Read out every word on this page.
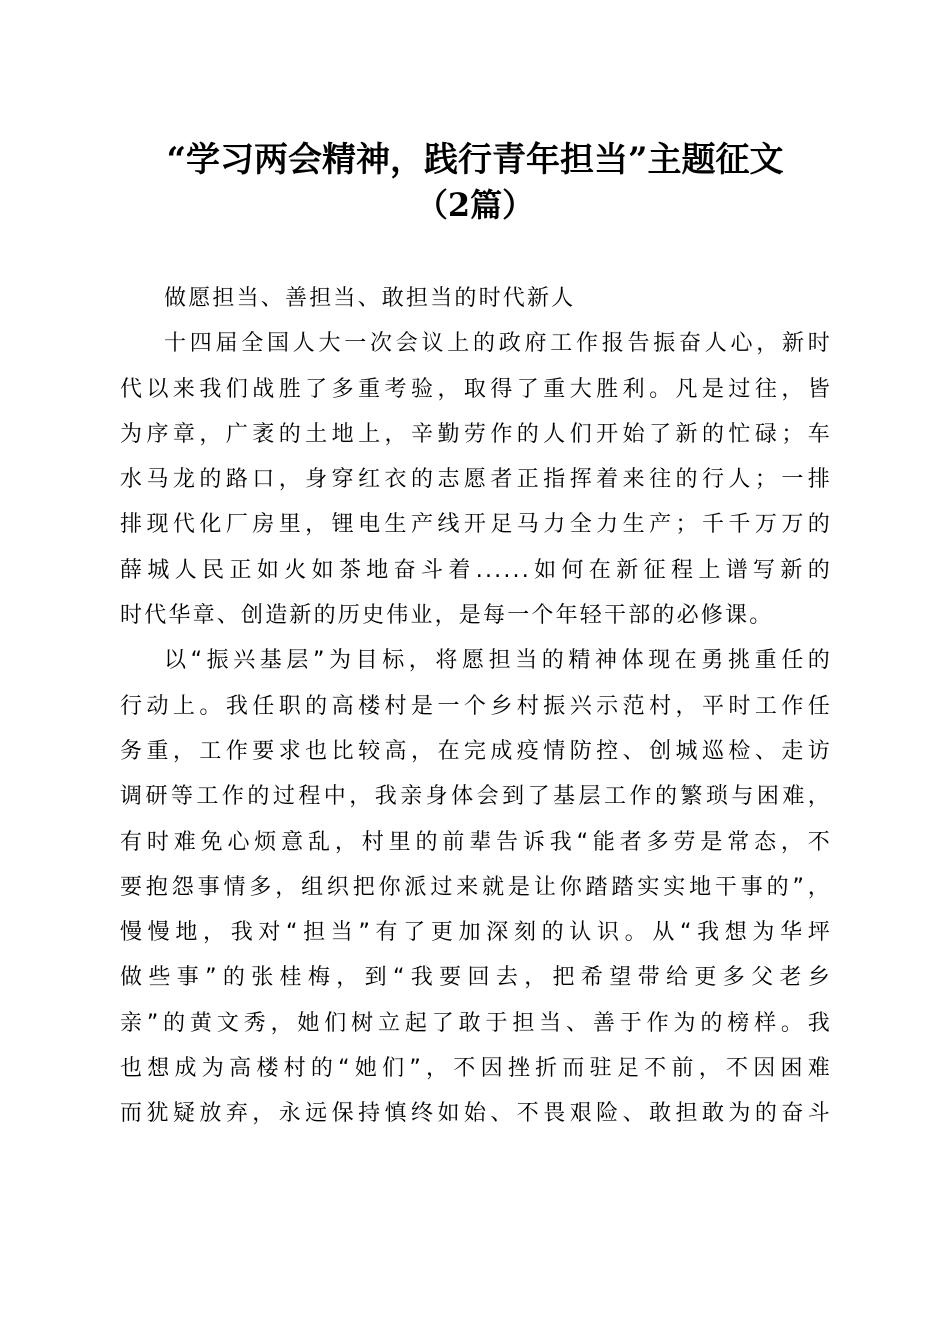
“学习两会精神，践行青年担当”主题征文
（2篇）
做愿担当、善担当、敢担当的时代新人
十四届全国人大一次会议上的政府工作报告振奋人心，新时
代以来我们战胜了多重考验，取得了重大胜利。凡是过往，皆
为序章，广袤的土地上，辛勤劳作的人们开始了新的忙碌；车
水马龙的路口，身穿红衣的志愿者正指挥着来往的行人；一排
排现代化厂房里，锂电生产线开足马力全力生产；千千万万的
薛城人民正如火如茶地奋斗着......如何在新征程上谱写新的
时代华章、创造新的历史伟业，是每一个年轻干部的必修课。
以“振兴基层”为目标，将愿担当的精神体现在勇挑重任的
行动上。我任职的高楼村是一个乡村振兴示范村，平时工作任
务重，工作要求也比较高，在完成疫情防控、创城巡检、走访
调研等工作的过程中，我亲身体会到了基层工作的繁琐与困难，
有时难免心烦意乱，村里的前辈告诉我“能者多劳是常态，不
要抱怨事情多，组织把你派过来就是让你踏踏实实地干事的”，
慢慢地，我对“担当”有了更加深刻的认识。从“我想为华坪
做些事”的张桂梅，到“我要回去，把希望带给更多父老乡
亲”的黄文秀，她们树立起了敢于担当、善于作为的榜样。我
也想成为高楼村的“她们”，不因挫折而驻足不前，不因困难
而犹疑放弃，永远保持慎终如始、不畏艰险、敢担敢为的奋斗
